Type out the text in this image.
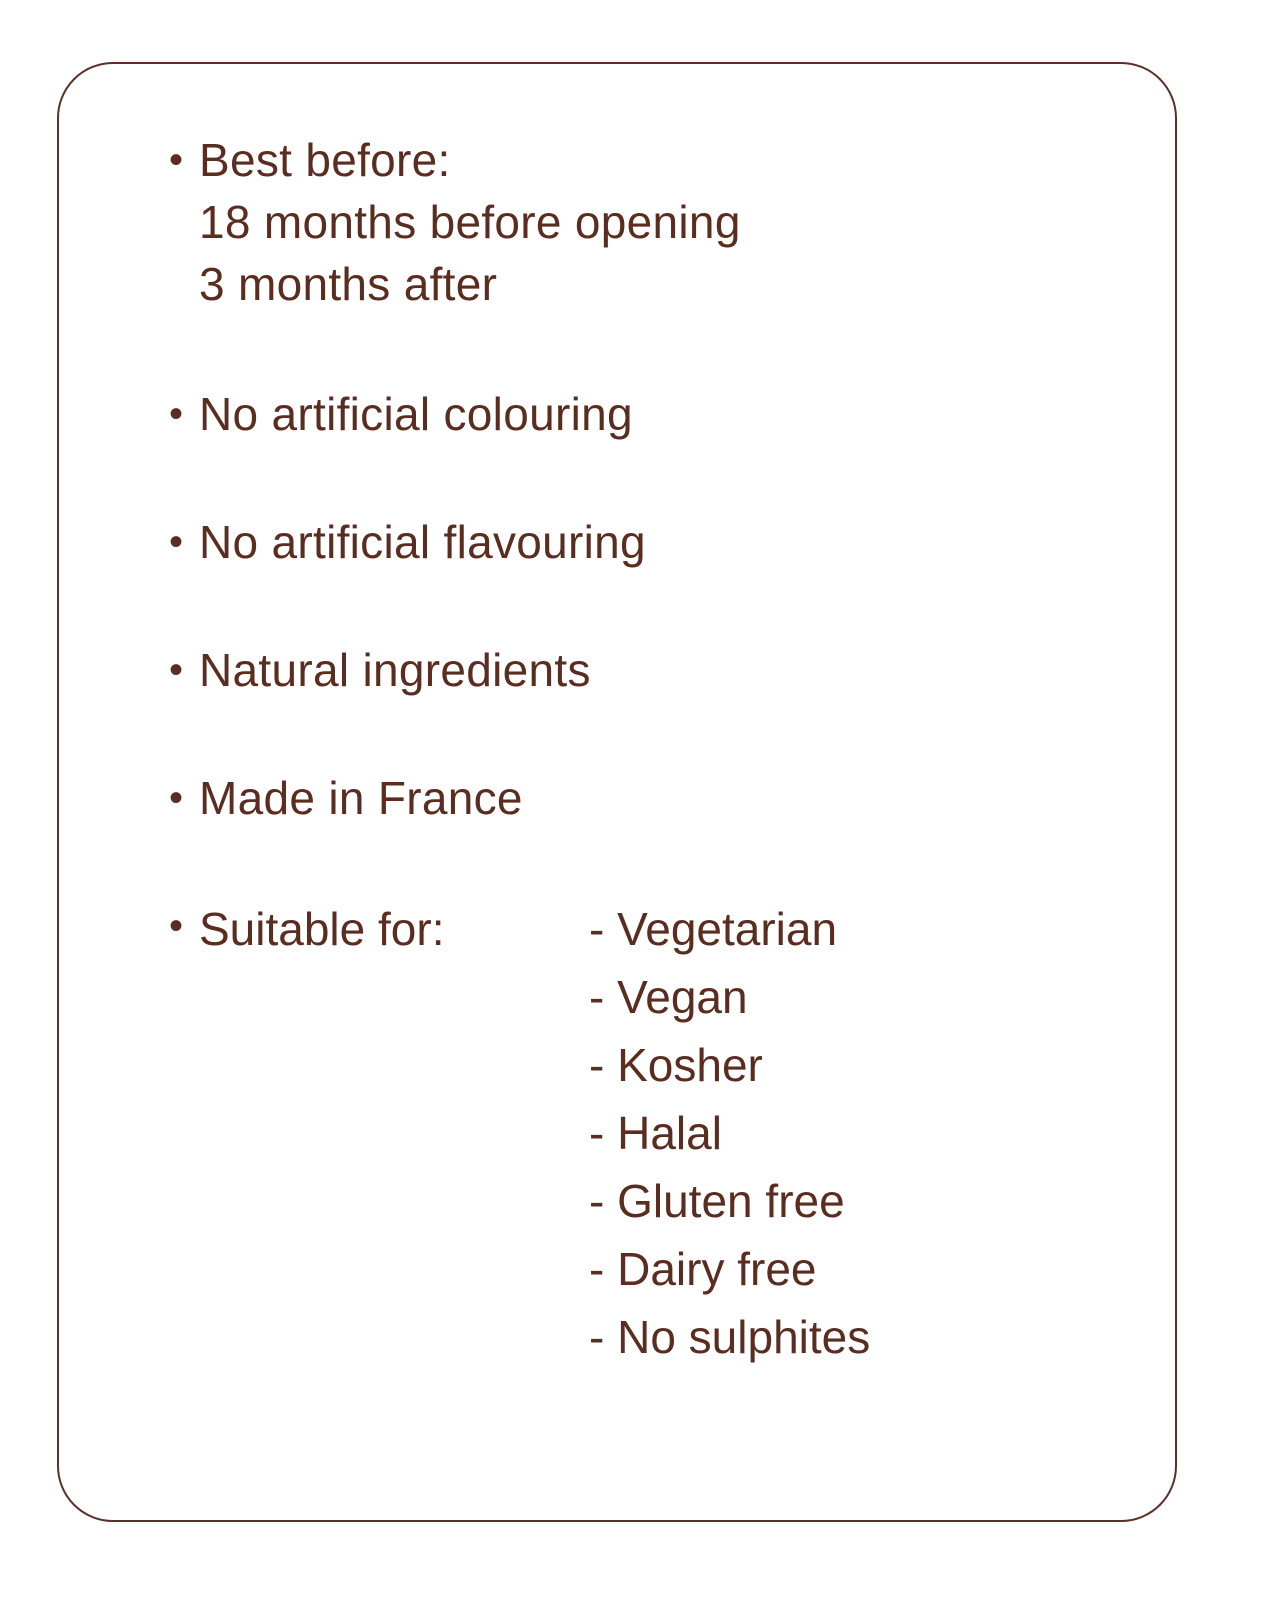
• Best before:
18 months before opening
3 months after
• No artificial colouring
• No artificial flavouring
• Natural ingredients
• Made in France
• Suitable for:	- Vegetarian
- Vegan
- Kosher
- Halal
- Gluten free
- Dairy free
- No sulphites
